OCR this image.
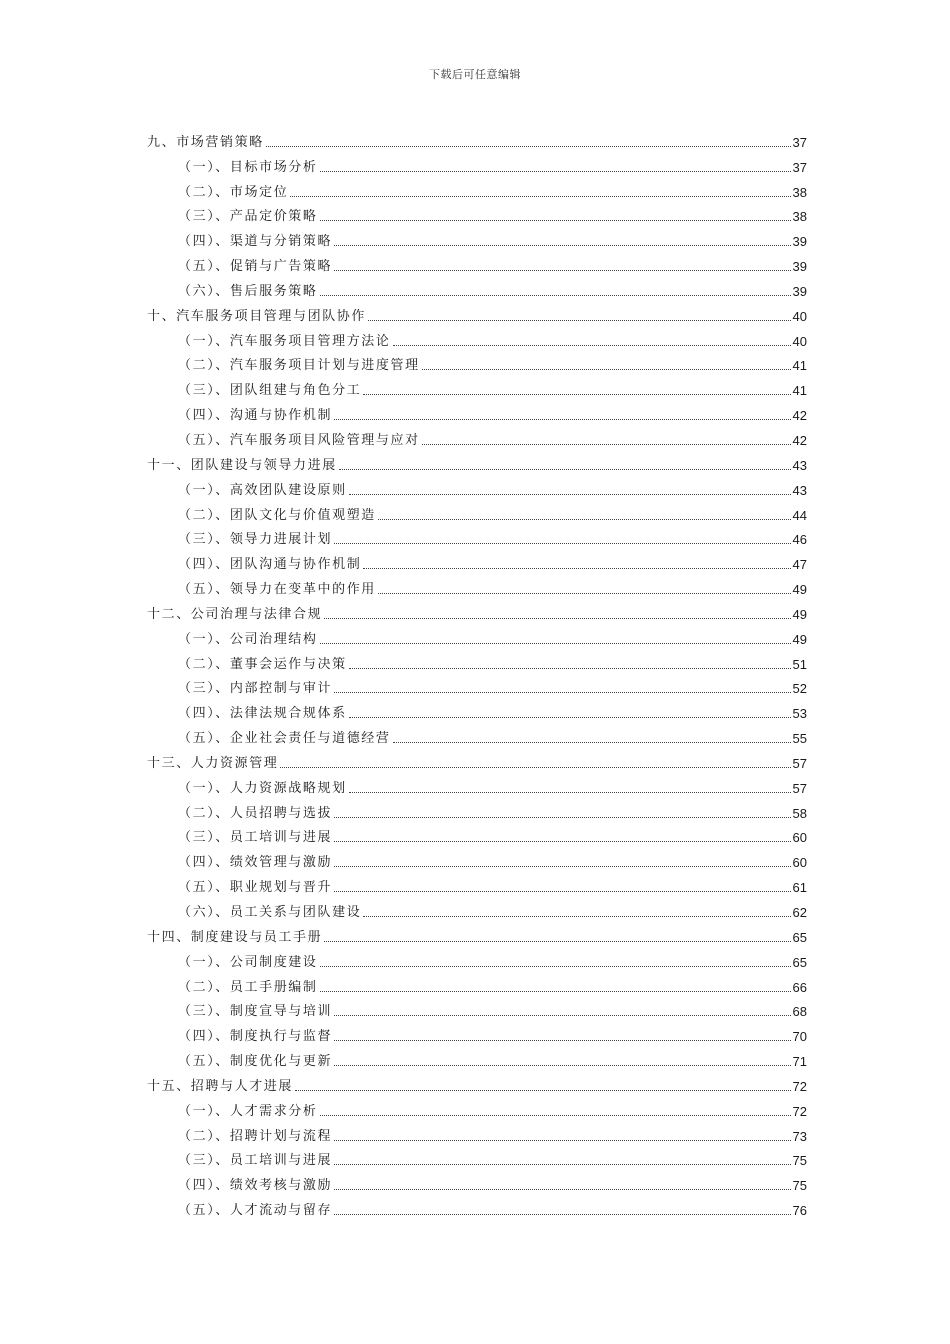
下载后可任意编辑
九、市场营销策略	37
（一）、目标市场分析	37
（二）、市场定位	38
（三）、产品定价策略	38
（四）、渠道与分销策略	39
（五）、促销与广告策略	39
（六）、售后服务策略	39
十、汽车服务项目管理与团队协作	40
（一）、汽车服务项目管理方法论	40
（二）、汽车服务项目计划与进度管理	41
（三）、团队组建与角色分工	41
（四）、沟通与协作机制	42
（五）、汽车服务项目风险管理与应对	42
十一、团队建设与领导力进展	43
（一）、高效团队建设原则	43
（二）、团队文化与价值观塑造	44
（三）、领导力进展计划	46
（四）、团队沟通与协作机制	47
（五）、领导力在变革中的作用	49
十二、公司治理与法律合规	49
（一）、公司治理结构	49
（二）、董事会运作与决策	51
（三）、内部控制与审计	52
（四）、法律法规合规体系	53
（五）、企业社会责任与道德经营	55
十三、人力资源管理	57
（一）、人力资源战略规划	57
（二）、人员招聘与选拔	58
（三）、员工培训与进展	60
（四）、绩效管理与激励	60
（五）、职业规划与晋升	61
（六）、员工关系与团队建设	62
十四、制度建设与员工手册	65
（一）、公司制度建设	65
（二）、员工手册编制	66
（三）、制度宣导与培训	68
（四）、制度执行与监督	70
（五）、制度优化与更新	71
十五、招聘与人才进展	72
（一）、人才需求分析	72
（二）、招聘计划与流程	73
（三）、员工培训与进展	75
（四）、绩效考核与激励	75
（五）、人才流动与留存	76
